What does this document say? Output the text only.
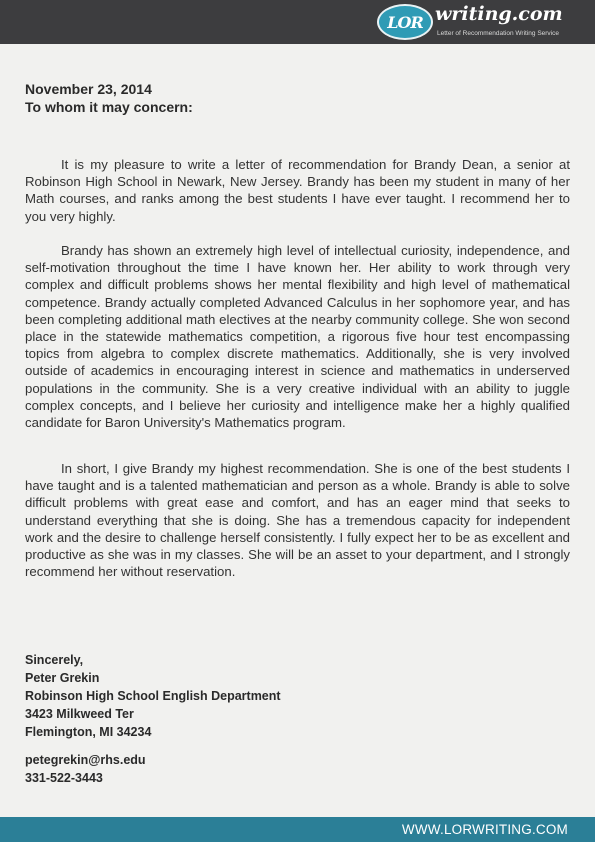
LOR writing.com
Letter of Recommendation Writing Service
November 23, 2014
To whom it may concern:

It is my pleasure to write a letter of recommendation for Brandy Dean, a senior at Robinson High School in Newark, New Jersey. Brandy has been my student in many of her Math courses, and ranks among the best students I have ever taught. I recommend her to you very highly.

Brandy has shown an extremely high level of intellectual curiosity, independence, and self-motivation throughout the time I have known her. Her ability to work through very complex and difficult problems shows her mental flexibility and high level of mathematical competence. Brandy actually completed Advanced Calculus in her sophomore year, and has been completing additional math electives at the nearby community college. She won second place in the statewide mathematics competition, a rigorous five hour test encompassing topics from algebra to complex discrete mathematics. Additionally, she is very involved outside of academics in encouraging interest in science and mathematics in underserved populations in the community. She is a very creative individual with an ability to juggle complex concepts, and I believe her curiosity and intelligence make her a highly qualified candidate for Baron University's Mathematics program.

In short, I give Brandy my highest recommendation. She is one of the best students I have taught and is a talented mathematician and person as a whole. Brandy is able to solve difficult problems with great ease and comfort, and has an eager mind that seeks to understand everything that she is doing. She has a tremendous capacity for independent work and the desire to challenge herself consistently. I fully expect her to be as excellent and productive as she was in my classes. She will be an asset to your department, and I strongly recommend her without reservation.

Sincerely,
Peter Grekin
Robinson High School English Department
3423 Milkweed Ter
Flemington, MI 34234
petegrekin@rhs.edu
331-522-3443
WWW.LORWRITING.COM
